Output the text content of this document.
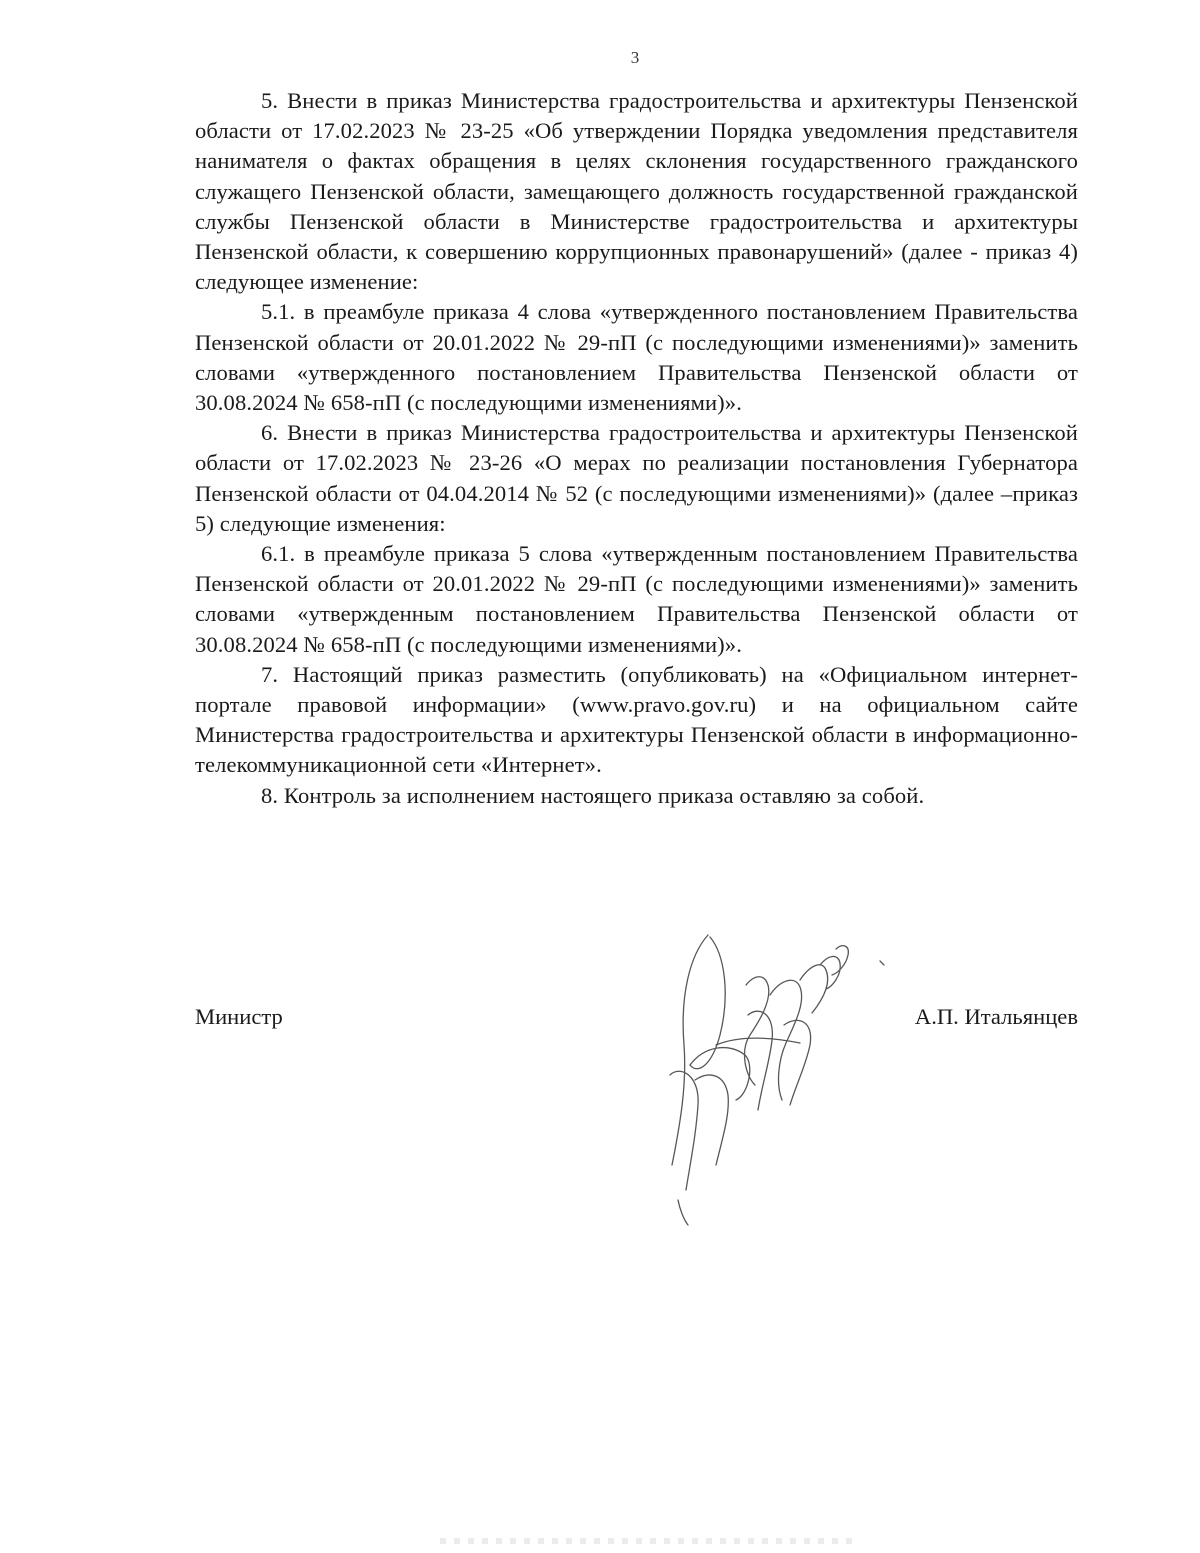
3

5. Внести в приказ Министерства градостроительства и архитектуры Пензенской области от 17.02.2023 № 23-25 «Об утверждении Порядка уведомления представителя нанимателя о фактах обращения в целях склонения государственного гражданского служащего Пензенской области, замещающего должность государственной гражданской службы Пензенской области в Министерстве градостроительства и архитектуры Пензенской области, к совершению коррупционных правонарушений» (далее - приказ 4) следующее изменение:

5.1. в преамбуле приказа 4 слова «утвержденного постановлением Правительства Пензенской области от 20.01.2022 № 29-пП (с последующими изменениями)» заменить словами «утвержденного постановлением Правительства Пензенской области от 30.08.2024 № 658-пП (с последующими изменениями)».

6. Внести в приказ Министерства градостроительства и архитектуры Пензенской области от 17.02.2023 № 23-26 «О мерах по реализации постановления Губернатора Пензенской области от 04.04.2014 № 52 (с последующими изменениями)» (далее –приказ 5) следующие изменения:

6.1. в преамбуле приказа 5 слова «утвержденным постановлением Правительства Пензенской области от 20.01.2022 № 29-пП (с последующими изменениями)» заменить словами «утвержденным постановлением Правительства Пензенской области от 30.08.2024 № 658-пП (с последующими изменениями)».

7. Настоящий приказ разместить (опубликовать) на «Официальном интернет-портале правовой информации» (www.pravo.gov.ru) и на официальном сайте Министерства градостроительства и архитектуры Пензенской области в информационно-телекоммуникационной сети «Интернет».

8. Контроль за исполнением настоящего приказа оставляю за собой.

Министр	А.П. Итальянцев
